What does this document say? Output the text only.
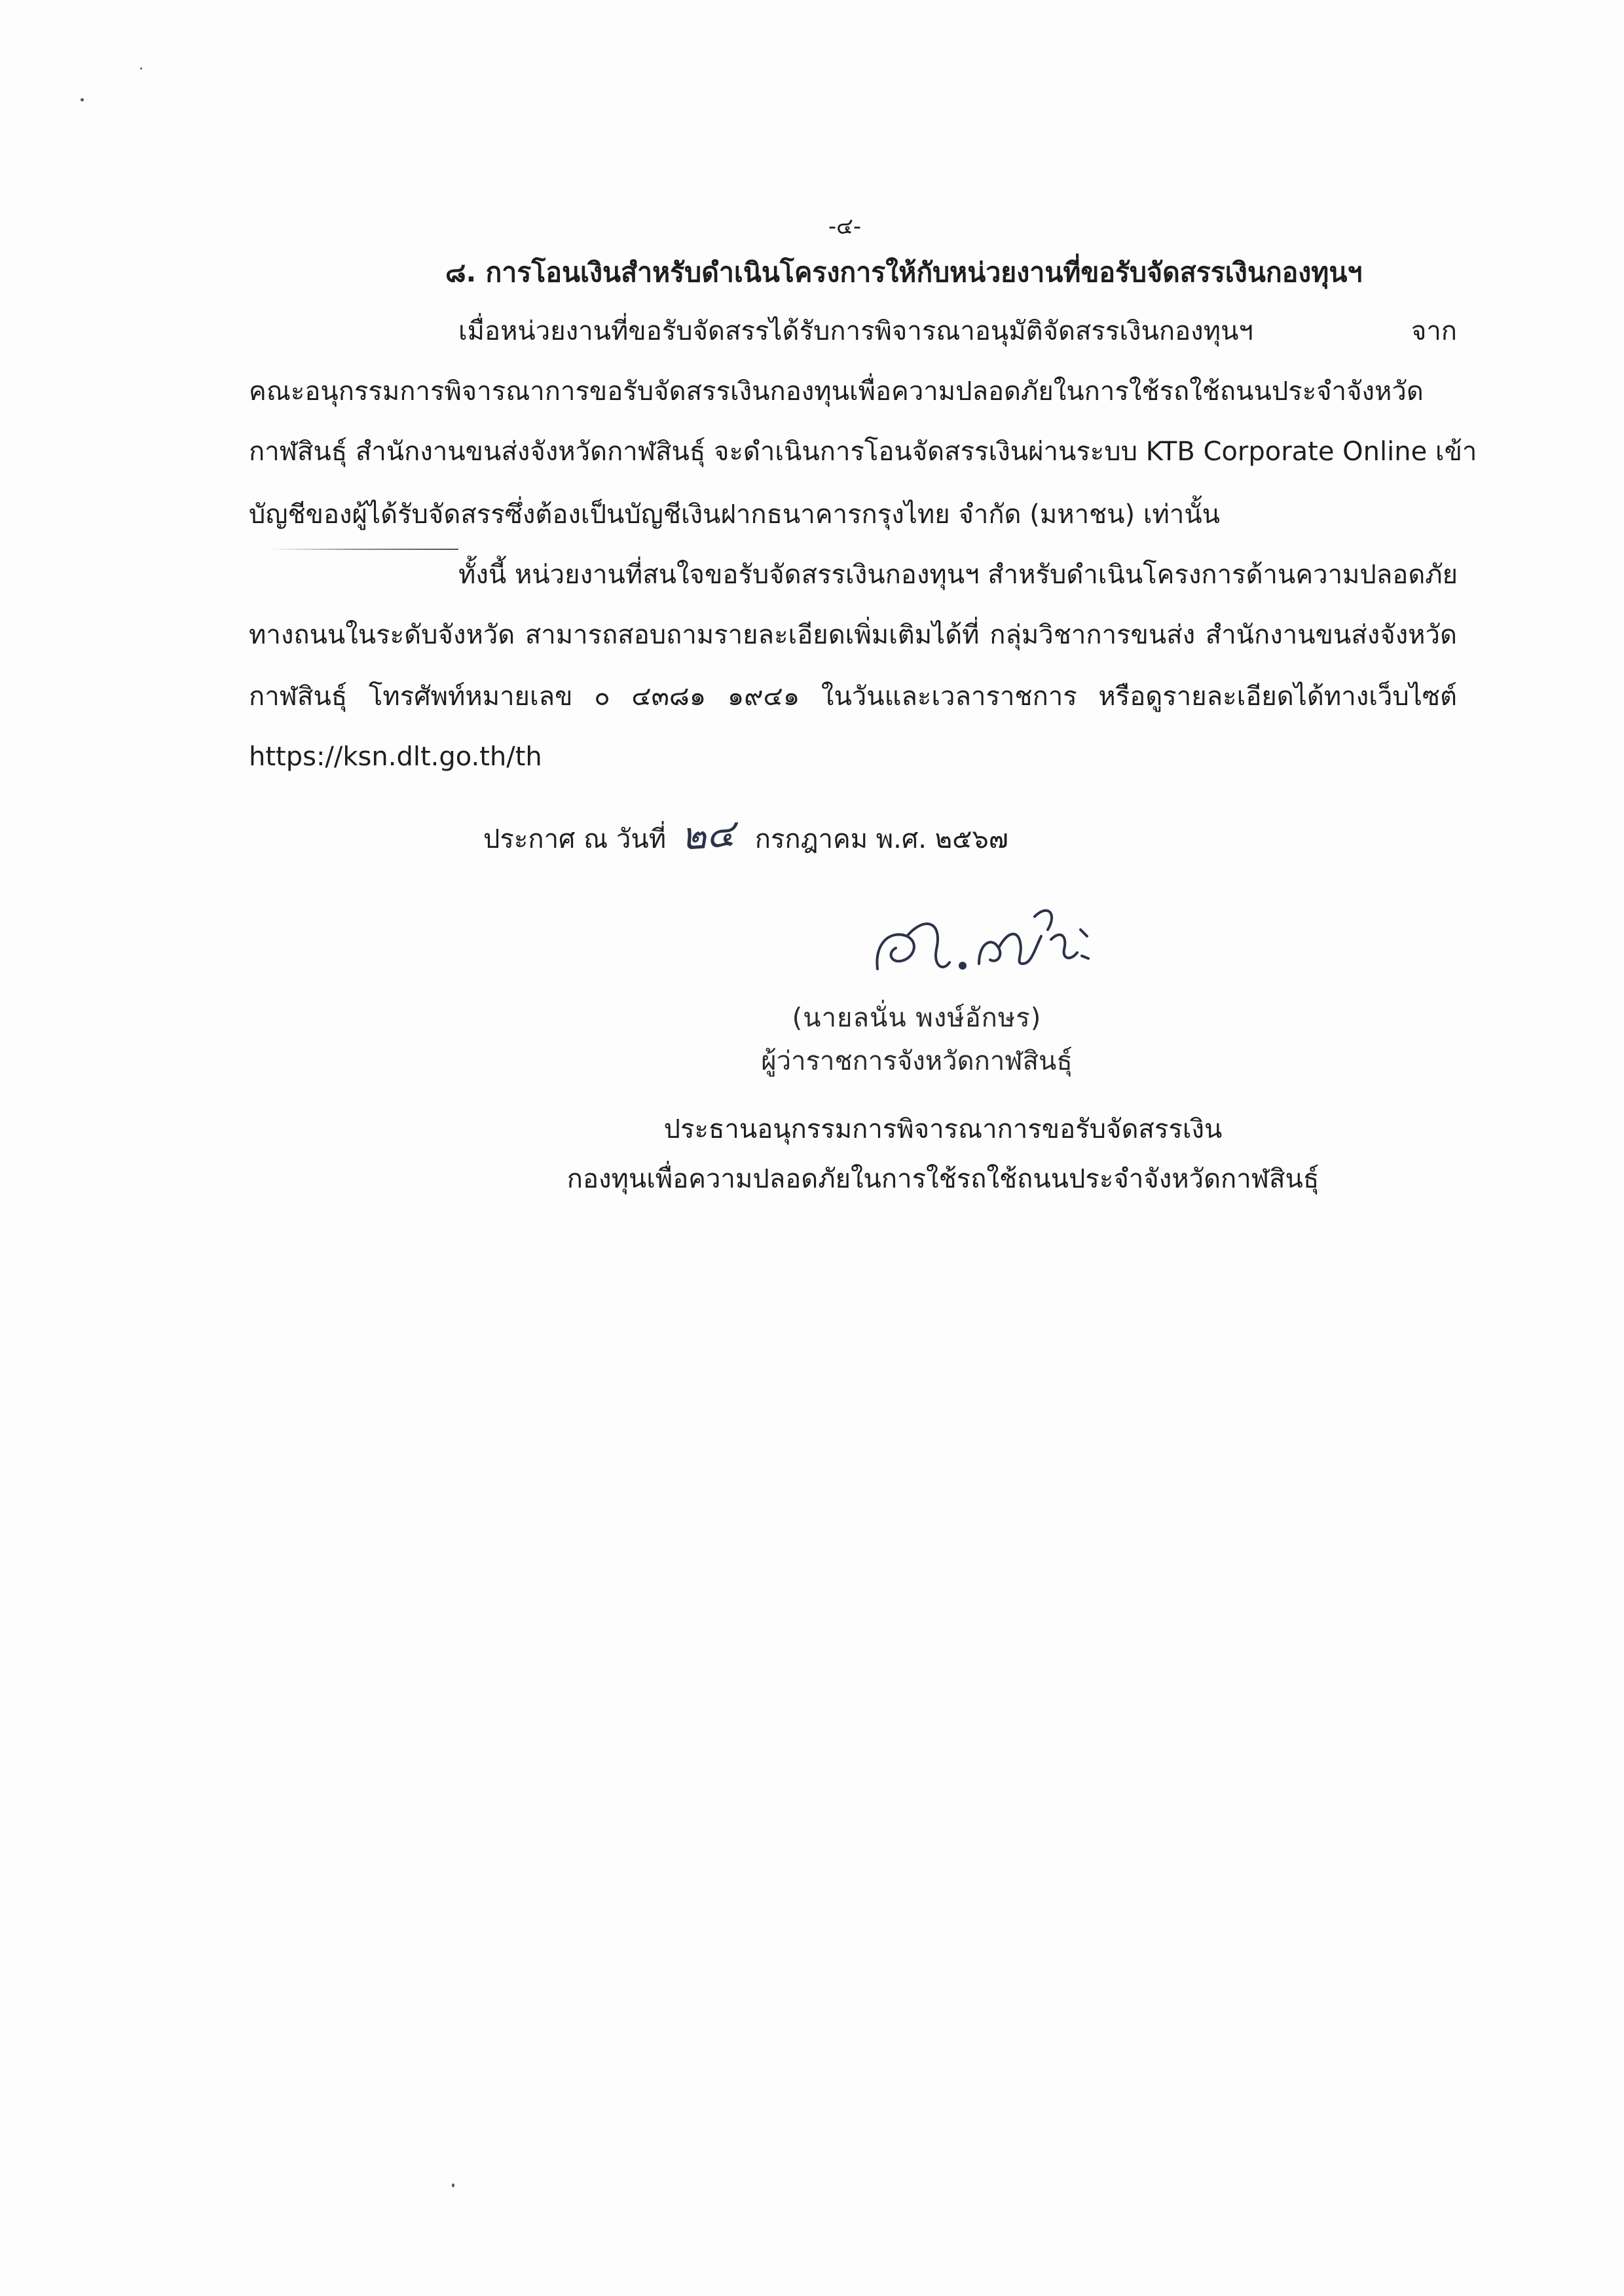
-๔-
๘. การโอนเงินสำหรับดำเนินโครงการให้กับหน่วยงานที่ขอรับจัดสรรเงินกองทุนฯ
เมื่อหน่วยงานที่ขอรับจัดสรรได้รับการพิจารณาอนุมัติจัดสรรเงินกองทุนฯ จาก
คณะอนุกรรมการพิจารณาการขอรับจัดสรรเงินกองทุนเพื่อความปลอดภัยในการใช้รถใช้ถนนประจำจังหวัด
กาฬสินธุ์ สำนักงานขนส่งจังหวัดกาฬสินธุ์ จะดำเนินการโอนจัดสรรเงินผ่านระบบ KTB Corporate Online เข้า
บัญชีของผู้ได้รับจัดสรรซึ่งต้องเป็นบัญชีเงินฝากธนาคารกรุงไทย จำกัด (มหาชน) เท่านั้น
ทั้งนี้ หน่วยงานที่สนใจขอรับจัดสรรเงินกองทุนฯ สำหรับดำเนินโครงการด้านความปลอดภัย
ทางถนนในระดับจังหวัด สามารถสอบถามรายละเอียดเพิ่มเติมได้ที่ กลุ่มวิชาการขนส่ง สำนักงานขนส่งจังหวัด
กาฬสินธุ์ โทรศัพท์หมายเลข ๐ ๔๓๘๑ ๑๙๔๑ ในวันและเวลาราชการ หรือดูรายละเอียดได้ทางเว็บไซต์
https://ksn.dlt.go.th/th
ประกาศ ณ วันที่ ๒๔ กรกฎาคม พ.ศ. ๒๕๖๗
(นายลนั่น พงษ์อักษร)
ผู้ว่าราชการจังหวัดกาฬสินธุ์
ประธานอนุกรรมการพิจารณาการขอรับจัดสรรเงิน
กองทุนเพื่อความปลอดภัยในการใช้รถใช้ถนนประจำจังหวัดกาฬสินธุ์
